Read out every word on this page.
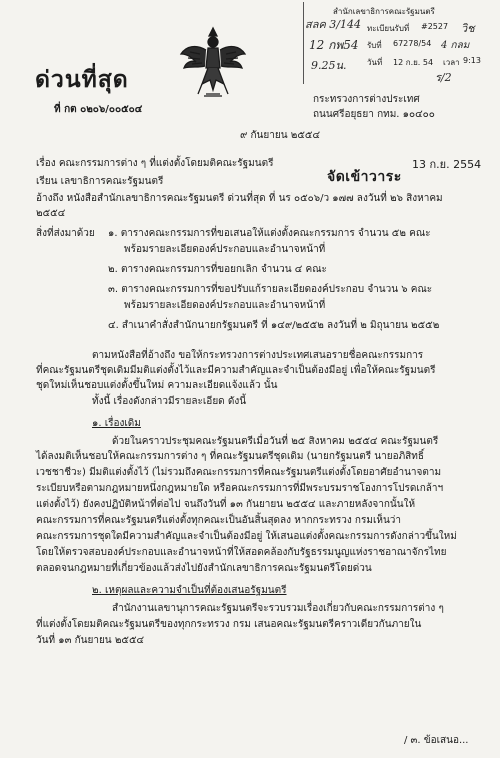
สำนักเลขาธิการคณะรัฐมนตรี
สลค 3/144 ทะเบียนรับที่ #2527 วิช
12 กพ54 รับที่ 67278/54 4 กลม
9.25น.	วันที่ 12 ก.ย. 54 เวลา 9:13
ร/2
ด่วนที่สุด
ที่ กต ๐๒๐๖/๐๐๕๐๔
กระทรวงการต่างประเทศ
ถนนศรีอยุธยา กทม. ๑๐๔๐๐
๙ กันยายน ๒๕๕๔
เรื่อง คณะกรรมการต่าง ๆ ที่แต่งตั้งโดยมติคณะรัฐมนตรี
จัดเข้าวาระ
13 ก.ย. 2554
เรียน เลขาธิการคณะรัฐมนตรี
อ้างถึง หนังสือสำนักเลขาธิการคณะรัฐมนตรี ด่วนที่สุด ที่ นร ๐๕๐๖/ว ๑๗๗ ลงวันที่ ๒๖ สิงหาคม
๒๕๕๔
สิ่งที่ส่งมาด้วย ๑. ตารางคณะกรรมการที่ขอเสนอให้แต่งตั้งคณะกรรมการ จำนวน ๕๒ คณะ
พร้อมรายละเอียดองค์ประกอบและอำนาจหน้าที่
๒. ตารางคณะกรรมการที่ขอยกเลิก จำนวน ๔ คณะ
๓. ตารางคณะกรรมการที่ขอปรับแก้รายละเอียดองค์ประกอบ จำนวน ๖ คณะ
พร้อมรายละเอียดองค์ประกอบและอำนาจหน้าที่
๔. สำเนาคำสั่งสำนักนายกรัฐมนตรี ที่ ๑๔๙/๒๕๕๒ ลงวันที่ ๒ มิถุนายน ๒๕๕๒
ตามหนังสือที่อ้างถึง ขอให้กระทรวงการต่างประเทศเสนอรายชื่อคณะกรรมการ
ที่คณะรัฐมนตรีชุดเดิมมีมติแต่งตั้งไว้และมีความสำคัญและจำเป็นต้องมีอยู่ เพื่อให้คณะรัฐมนตรี
ชุดใหม่เห็นชอบแต่งตั้งขึ้นใหม่ ความละเอียดแจ้งแล้ว นั้น
ทั้งนี้ เรื่องดังกล่าวมีรายละเอียด ดังนี้
๑. เรื่องเดิม
ด้วยในคราวประชุมคณะรัฐมนตรีเมื่อวันที่ ๒๕ สิงหาคม ๒๕๕๔ คณะรัฐมนตรี
ได้ลงมติเห็นชอบให้คณะกรรมการต่าง ๆ ที่คณะรัฐมนตรีชุดเดิม (นายกรัฐมนตรี นายอภิสิทธิ์
เวชชาชีวะ) มีมติแต่งตั้งไว้ (ไม่รวมถึงคณะกรรมการที่คณะรัฐมนตรีแต่งตั้งโดยอาศัยอำนาจตาม
ระเบียบหรือตามกฎหมายหนึ่งกฎหมายใด หรือคณะกรรมการที่มีพระบรมราชโองการโปรดเกล้าฯ
แต่งตั้งไว้) ยังคงปฏิบัติหน้าที่ต่อไป จนถึงวันที่ ๑๓ กันยายน ๒๕๕๔ และภายหลังจากนั้นให้
คณะกรรมการที่คณะรัฐมนตรีแต่งตั้งทุกคณะเป็นอันสิ้นสุดลง หากกระทรวง กรมเห็นว่า
คณะกรรมการชุดใดมีความสำคัญและจำเป็นต้องมีอยู่ ให้เสนอแต่งตั้งคณะกรรมการดังกล่าวขึ้นใหม่
โดยให้ตรวจสอบองค์ประกอบและอำนาจหน้าที่ให้สอดคล้องกับรัฐธรรมนูญแห่งราชอาณาจักรไทย
ตลอดจนกฎหมายที่เกี่ยวข้องแล้วส่งไปยังสำนักเลขาธิการคณะรัฐมนตรีโดยด่วน
๒. เหตุผลและความจำเป็นที่ต้องเสนอรัฐมนตรี
สำนักงานเลขานุการคณะรัฐมนตรีจะรวบรวมเรื่องเกี่ยวกับคณะกรรมการต่าง ๆ
ที่แต่งตั้งโดยมติคณะรัฐมนตรีของทุกกระทรวง กรม เสนอคณะรัฐมนตรีคราวเดียวกันภายใน
วันที่ ๑๓ กันยายน ๒๕๕๔
/ ๓. ข้อเสนอ...
